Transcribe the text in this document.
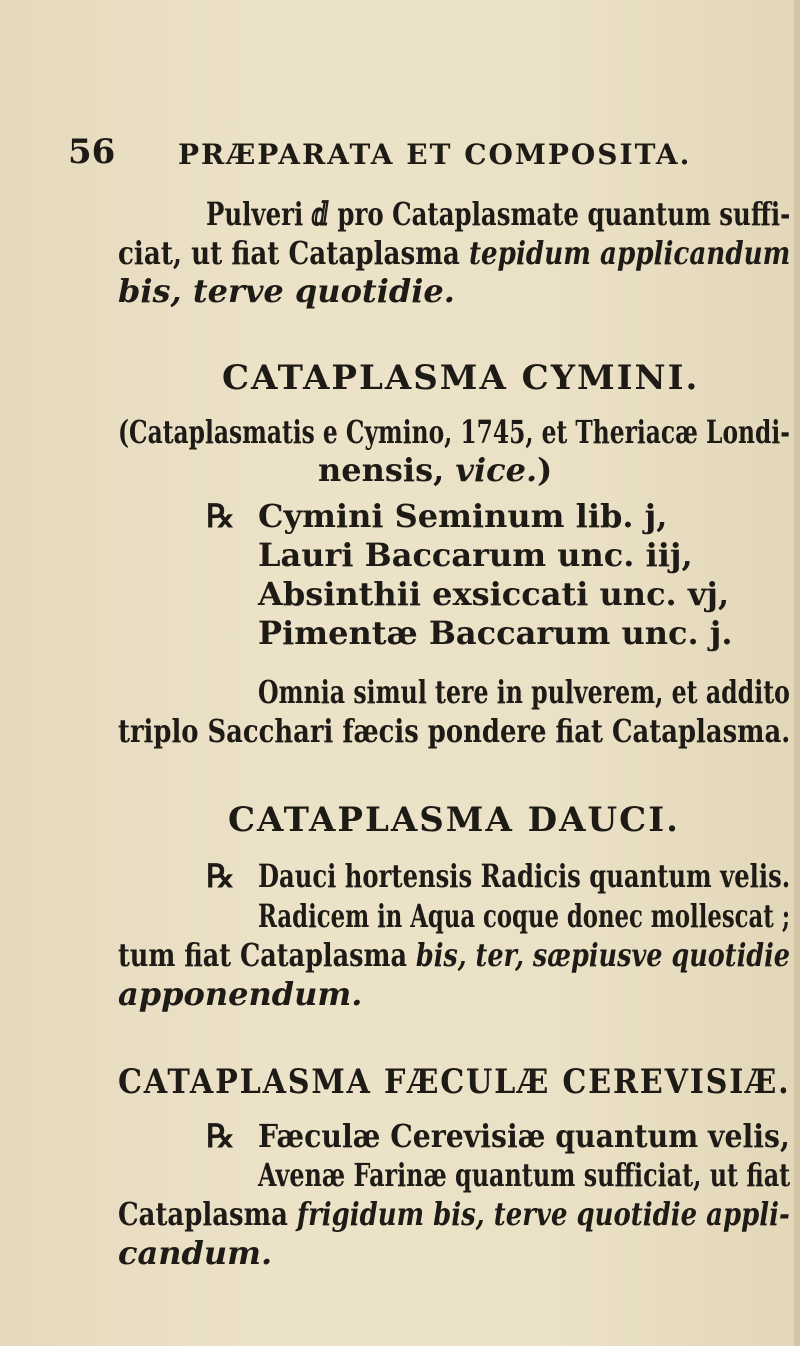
56 PRÆPARATA ET COMPOSITA.
Pulveri ⅆ pro Cataplasmate quantum suffi-
ciat, ut fiat Cataplasma tepidum applicandum
bis, terve quotidie.
CATAPLASMA CYMINI.
(Cataplasmatis e Cymino, 1745, et Theriacæ Londi-
nensis, vice.)
℞ Cymini Seminum lib. j,
Lauri Baccarum unc. iij,
Absinthii exsiccati unc. vj,
Pimentæ Baccarum unc. j.
Omnia simul tere in pulverem, et addito
triplo Sacchari fæcis pondere fiat Cataplasma.
CATAPLASMA DAUCI.
℞ Dauci hortensis Radicis quantum velis.
Radicem in Aqua coque donec mollescat ;
tum fiat Cataplasma bis, ter, sæpiusve quotidie
apponendum.
CATAPLASMA FÆCULÆ CEREVISIÆ.
℞ Fæculæ Cerevisiæ quantum velis,
Avenæ Farinæ quantum sufficiat, ut fiat
Cataplasma frigidum bis, terve quotidie appli-
candum.
